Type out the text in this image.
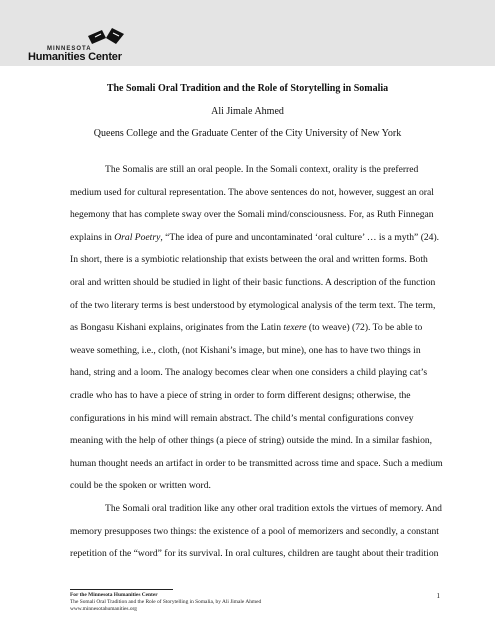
MINNESOTA
Humanities Center
The Somali Oral Tradition and the Role of Storytelling in Somalia
Ali Jimale Ahmed
Queens College and the Graduate Center of the City University of New York
The Somalis are still an oral people. In the Somali context, orality is the preferred
medium used for cultural representation. The above sentences do not, however, suggest an oral
hegemony that has complete sway over the Somali mind/consciousness. For, as Ruth Finnegan
explains in Oral Poetry, “The idea of pure and uncontaminated ‘oral culture’ … is a myth” (24).
In short, there is a symbiotic relationship that exists between the oral and written forms. Both
oral and written should be studied in light of their basic functions. A description of the function
of the two literary terms is best understood by etymological analysis of the term text. The term,
as Bongasu Kishani explains, originates from the Latin texere (to weave) (72). To be able to
weave something, i.e., cloth, (not Kishani’s image, but mine), one has to have two things in
hand, string and a loom. The analogy becomes clear when one considers a child playing cat’s
cradle who has to have a piece of string in order to form different designs; otherwise, the
configurations in his mind will remain abstract. The child’s mental configurations convey
meaning with the help of other things (a piece of string) outside the mind. In a similar fashion,
human thought needs an artifact in order to be transmitted across time and space. Such a medium
could be the spoken or written word.
The Somali oral tradition like any other oral tradition extols the virtues of memory. And
memory presupposes two things: the existence of a pool of memorizers and secondly, a constant
repetition of the “word” for its survival. In oral cultures, children are taught about their tradition
For the Minnesota Humanities Center
The Somali Oral Tradition and the Role of Storytelling in Somalia, by Ali Jimale Ahmed
www.minnesotahumanities.org
1
